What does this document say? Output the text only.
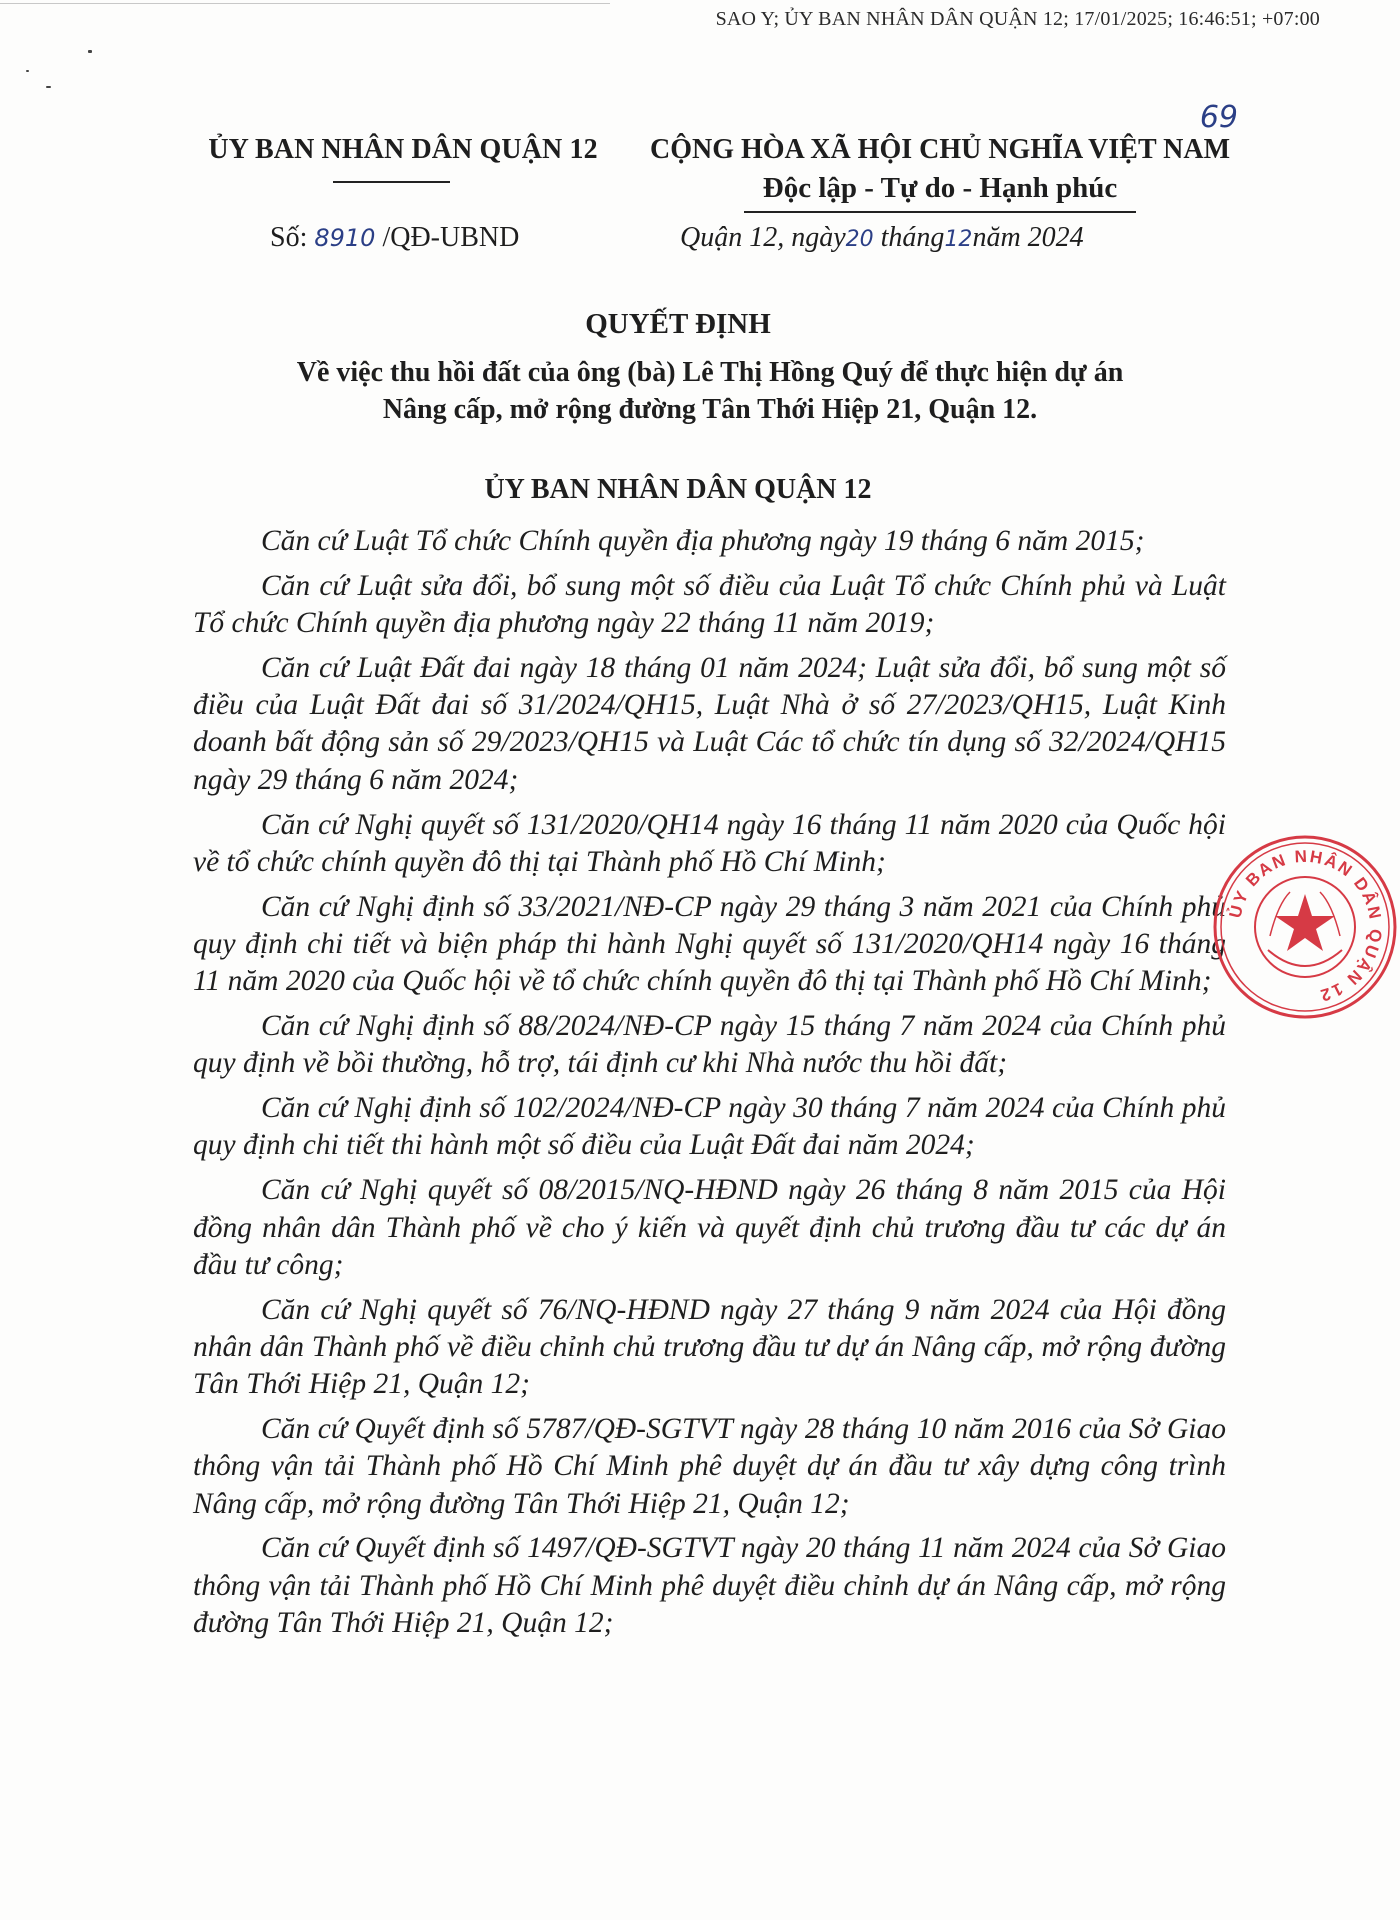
SAO Y; ỦY BAN NHÂN DÂN QUẬN 12; 17/01/2025; 16:46:51; +07:00
69
ỦY BAN NHÂN DÂN QUẬN 12	CỘNG HÒA XÃ HỘI CHỦ NGHĨA VIỆT NAM
Độc lập - Tự do - Hạnh phúc
Số: 8910 /QĐ-UBND	Quận 12, ngày20 tháng12năm 2024
QUYẾT ĐỊNH
Về việc thu hồi đất của ông (bà) Lê Thị Hồng Quý để thực hiện dự án
Nâng cấp, mở rộng đường Tân Thới Hiệp 21, Quận 12.
ỦY BAN NHÂN DÂN QUẬN 12

Căn cứ Luật Tổ chức Chính quyền địa phương ngày 19 tháng 6 năm 2015;

Căn cứ Luật sửa đổi, bổ sung một số điều của Luật Tổ chức Chính phủ và Luật Tổ chức Chính quyền địa phương ngày 22 tháng 11 năm 2019;

Căn cứ Luật Đất đai ngày 18 tháng 01 năm 2024; Luật sửa đổi, bổ sung một số điều của Luật Đất đai số 31/2024/QH15, Luật Nhà ở số 27/2023/QH15, Luật Kinh doanh bất động sản số 29/2023/QH15 và Luật Các tổ chức tín dụng số 32/2024/QH15 ngày 29 tháng 6 năm 2024;

Căn cứ Nghị quyết số 131/2020/QH14 ngày 16 tháng 11 năm 2020 của Quốc hội về tổ chức chính quyền đô thị tại Thành phố Hồ Chí Minh;

Căn cứ Nghị định số 33/2021/NĐ-CP ngày 29 tháng 3 năm 2021 của Chính phủ quy định chi tiết và biện pháp thi hành Nghị quyết số 131/2020/QH14 ngày 16 tháng 11 năm 2020 của Quốc hội về tổ chức chính quyền đô thị tại Thành phố Hồ Chí Minh;

Căn cứ Nghị định số 88/2024/NĐ-CP ngày 15 tháng 7 năm 2024 của Chính phủ quy định về bồi thường, hỗ trợ, tái định cư khi Nhà nước thu hồi đất;

Căn cứ Nghị định số 102/2024/NĐ-CP ngày 30 tháng 7 năm 2024 của Chính phủ quy định chi tiết thi hành một số điều của Luật Đất đai năm 2024;

Căn cứ Nghị quyết số 08/2015/NQ-HĐND ngày 26 tháng 8 năm 2015 của Hội đồng nhân dân Thành phố về cho ý kiến và quyết định chủ trương đầu tư các dự án đầu tư công;

Căn cứ Nghị quyết số 76/NQ-HĐND ngày 27 tháng 9 năm 2024 của Hội đồng nhân dân Thành phố về điều chỉnh chủ trương đầu tư dự án Nâng cấp, mở rộng đường Tân Thới Hiệp 21, Quận 12;

Căn cứ Quyết định số 5787/QĐ-SGTVT ngày 28 tháng 10 năm 2016 của Sở Giao thông vận tải Thành phố Hồ Chí Minh phê duyệt dự án đầu tư xây dựng công trình Nâng cấp, mở rộng đường Tân Thới Hiệp 21, Quận 12;

Căn cứ Quyết định số 1497/QĐ-SGTVT ngày 20 tháng 11 năm 2024 của Sở Giao thông vận tải Thành phố Hồ Chí Minh phê duyệt điều chỉnh dự án Nâng cấp, mở rộng đường Tân Thới Hiệp 21, Quận 12;

ỦY BAN NHÂN DÂN QUẬN 12
